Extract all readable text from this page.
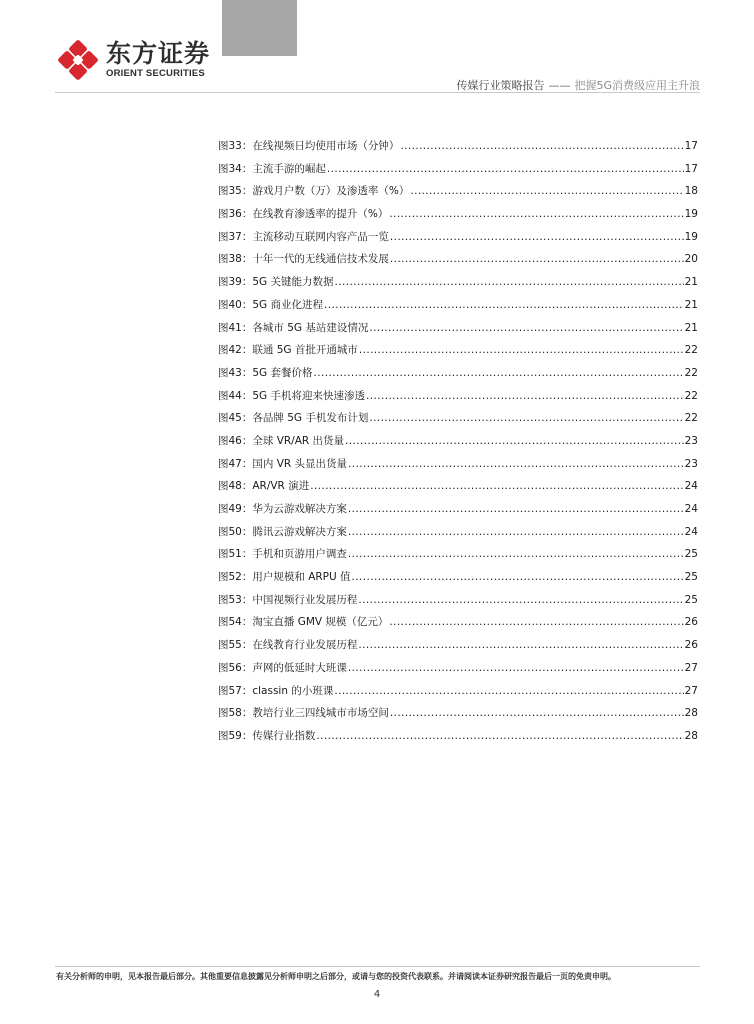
东方证券
ORIENT SECURITIES
传媒行业策略报告 —— 把握5G消费级应用主升浪
图33：在线视频日均使用市场（分钟） .....	17
图34：主流手游的崛起 .....	17
图35：游戏月户数（万）及渗透率（%） .....	18
图36：在线教育渗透率的提升（%） .....	19
图37：主流移动互联网内容产品一览 .....	19
图38：十年一代的无线通信技术发展 .....	20
图39：5G 关键能力数据 .....	21
图40：5G 商业化进程 .....	21
图41：各城市 5G 基站建设情况 .....	21
图42：联通 5G 首批开通城市 .....	22
图43：5G 套餐价格 .....	22
图44：5G 手机将迎来快速渗透 .....	22
图45：各品牌 5G 手机发布计划 .....	22
图46：全球 VR/AR 出货量 .....	23
图47：国内 VR 头显出货量 .....	23
图48：AR/VR 演进 .....	24
图49：华为云游戏解决方案 .....	24
图50：腾讯云游戏解决方案 .....	24
图51：手机和页游用户调查 .....	25
图52：用户规模和 ARPU 值 .....	25
图53：中国视频行业发展历程 .....	25
图54：淘宝直播 GMV 规模（亿元） .....	26
图55：在线教育行业发展历程 .....	26
图56：声网的低延时大班课 .....	27
图57：classin 的小班课 .....	27
图58：教培行业三四线城市市场空间 .....	28
图59：传媒行业指数 .....	28
有关分析师的申明，见本报告最后部分。其他重要信息披露见分析师申明之后部分，或请与您的投资代表联系。并请阅读本证券研究报告最后一页的免责申明。
4
